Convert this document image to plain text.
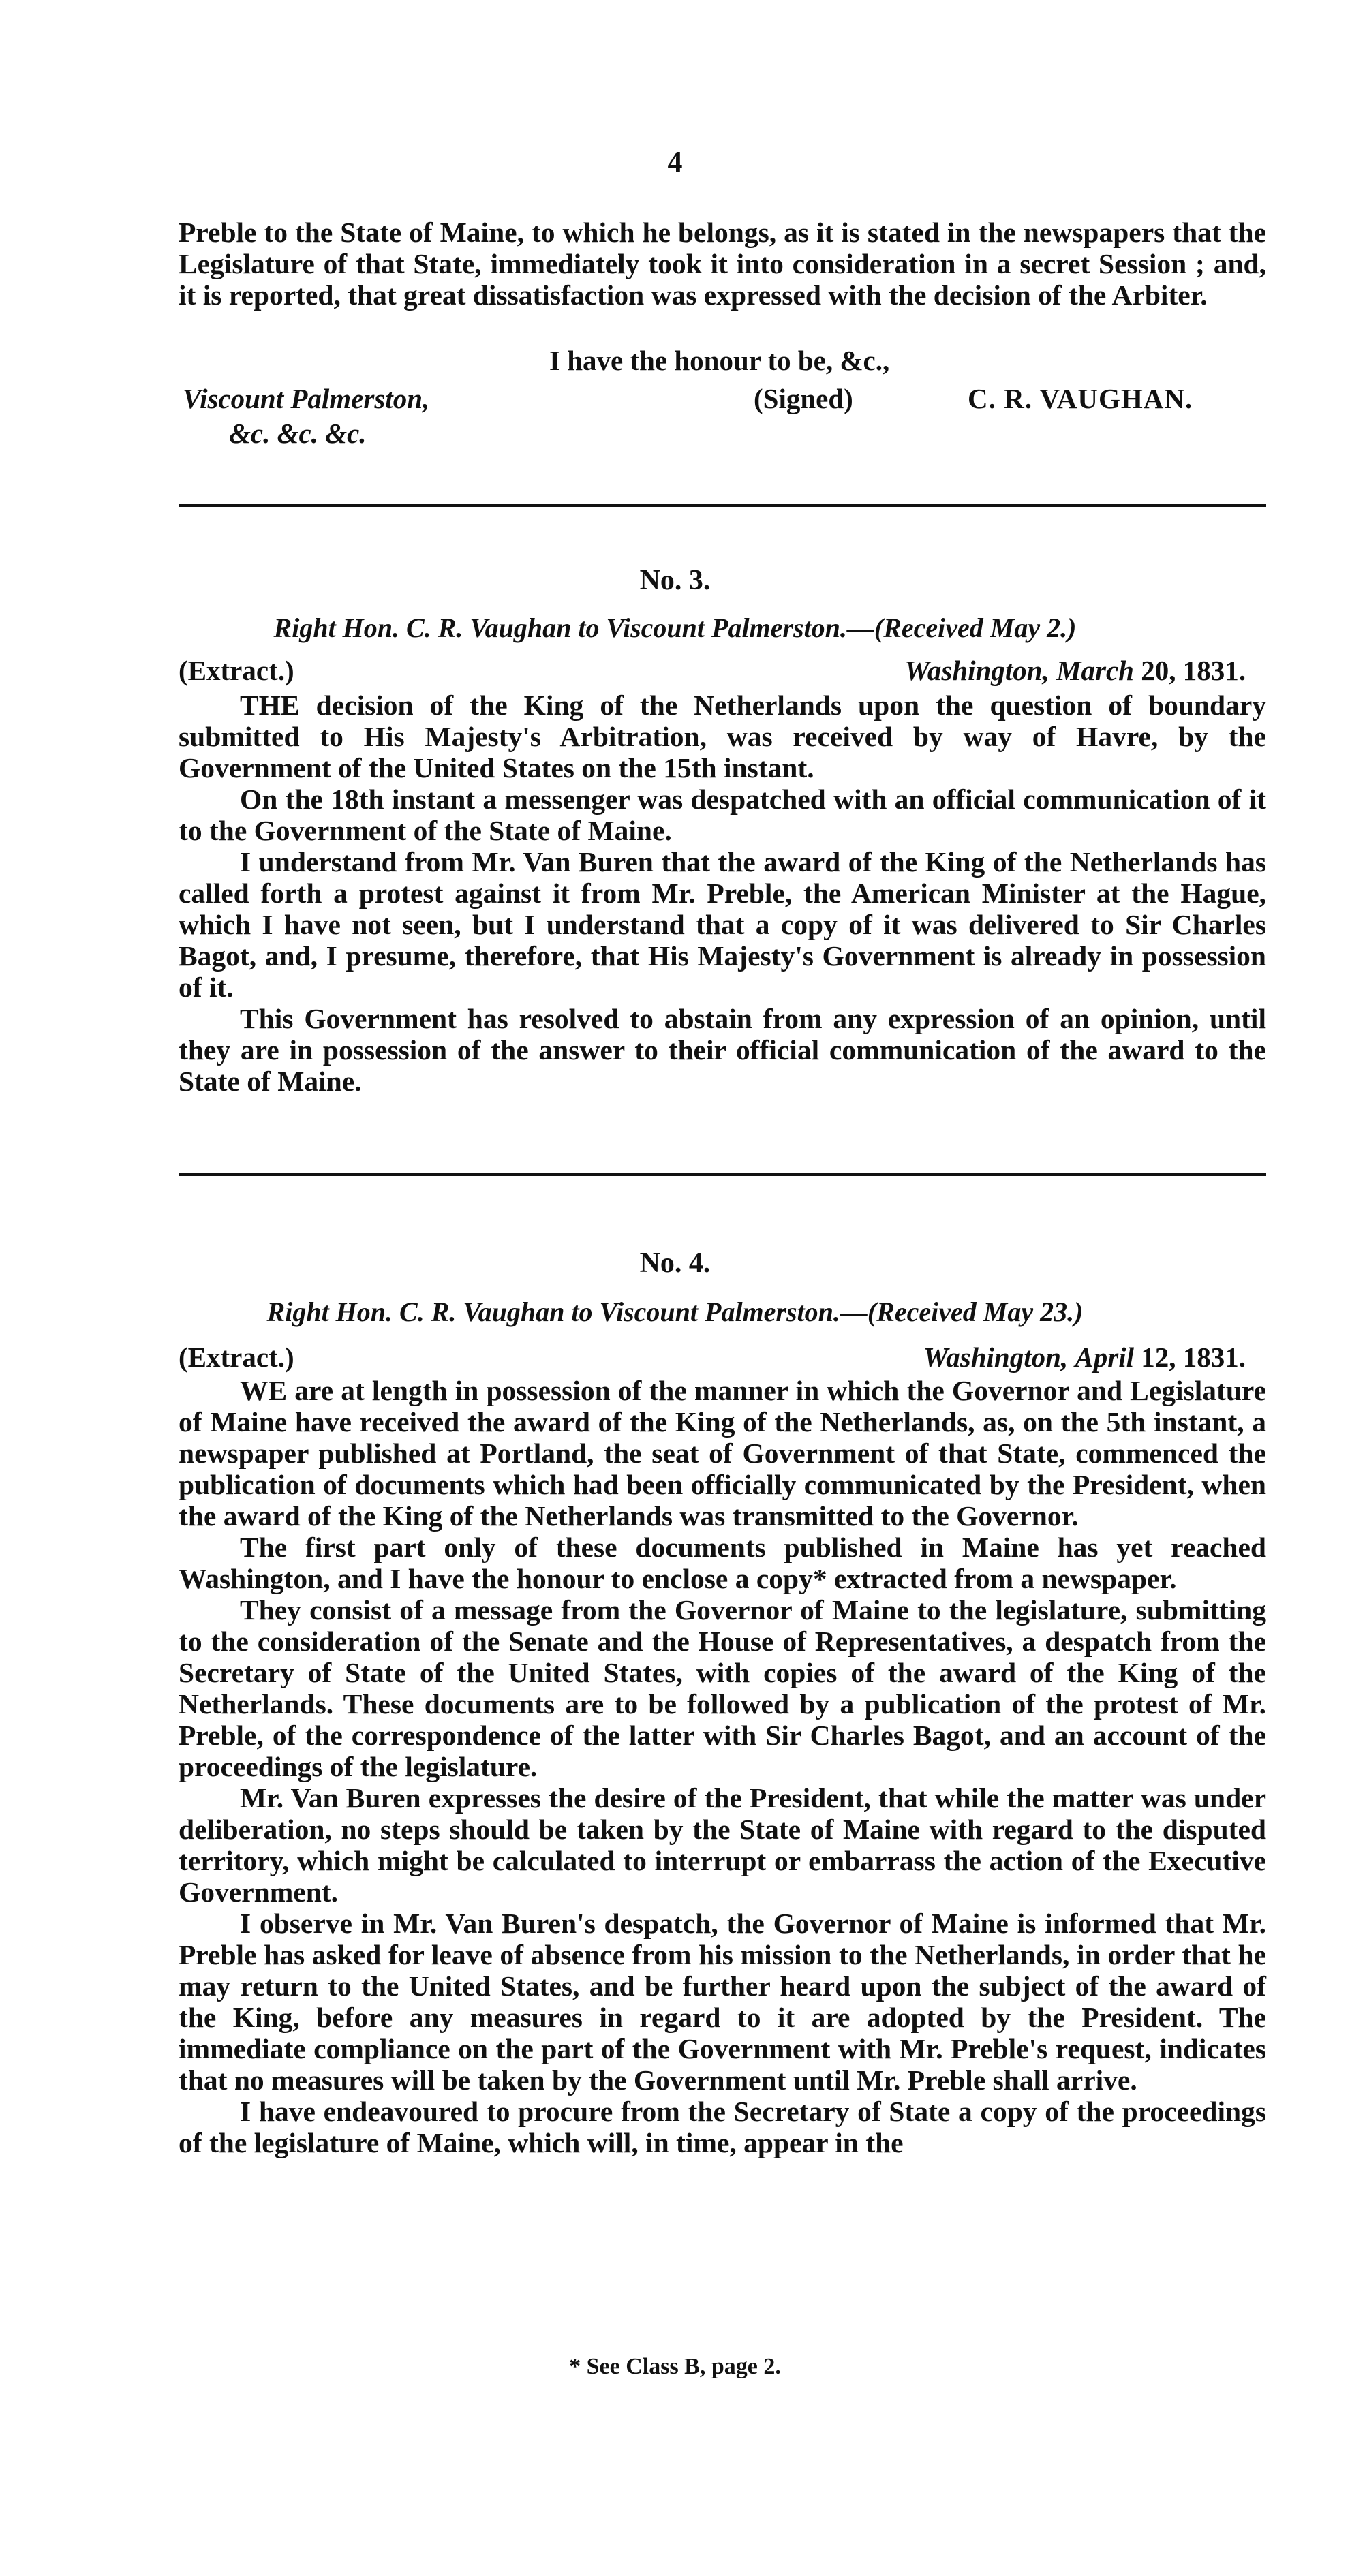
4

Preble to the State of Maine, to which he belongs, as it is stated in the newspapers that the Legislature of that State, immediately took it into consideration in a secret Session ; and, it is reported, that great dissatisfaction was expressed with the decision of the Arbiter.

I have the honour to be, &c.,
Viscount Palmerston,	(Signed)	C. R. VAUGHAN.
&c. &c. &c.
No. 3.
Right Hon. C. R. Vaughan to Viscount Palmerston.—(Received May 2.)
(Extract.)	Washington, March 20, 1831.

THE decision of the King of the Netherlands upon the question of boundary submitted to His Majesty's Arbitration, was received by way of Havre, by the Government of the United States on the 15th instant.

On the 18th instant a messenger was despatched with an official communication of it to the Government of the State of Maine.

I understand from Mr. Van Buren that the award of the King of the Netherlands has called forth a protest against it from Mr. Preble, the American Minister at the Hague, which I have not seen, but I understand that a copy of it was delivered to Sir Charles Bagot, and, I presume, therefore, that His Majesty's Government is already in possession of it.

This Government has resolved to abstain from any expression of an opinion, until they are in possession of the answer to their official communication of the award to the State of Maine.

No. 4.
Right Hon. C. R. Vaughan to Viscount Palmerston.—(Received May 23.)
(Extract.)	Washington, April 12, 1831.

WE are at length in possession of the manner in which the Governor and Legislature of Maine have received the award of the King of the Netherlands, as, on the 5th instant, a newspaper published at Portland, the seat of Government of that State, commenced the publication of documents which had been officially communicated by the President, when the award of the King of the Netherlands was transmitted to the Governor.

The first part only of these documents published in Maine has yet reached Washington, and I have the honour to enclose a copy* extracted from a newspaper.

They consist of a message from the Governor of Maine to the legislature, submitting to the consideration of the Senate and the House of Representatives, a despatch from the Secretary of State of the United States, with copies of the award of the King of the Netherlands. These documents are to be followed by a publication of the protest of Mr. Preble, of the correspondence of the latter with Sir Charles Bagot, and an account of the proceedings of the legislature.

Mr. Van Buren expresses the desire of the President, that while the matter was under deliberation, no steps should be taken by the State of Maine with regard to the disputed territory, which might be calculated to interrupt or embarrass the action of the Executive Government.

I observe in Mr. Van Buren's despatch, the Governor of Maine is informed that Mr. Preble has asked for leave of absence from his mission to the Netherlands, in order that he may return to the United States, and be further heard upon the subject of the award of the King, before any measures in regard to it are adopted by the President. The immediate compliance on the part of the Government with Mr. Preble's request, indicates that no measures will be taken by the Government until Mr. Preble shall arrive.

I have endeavoured to procure from the Secretary of State a copy of the proceedings of the legislature of Maine, which will, in time, appear in the

* See Class B, page 2.
